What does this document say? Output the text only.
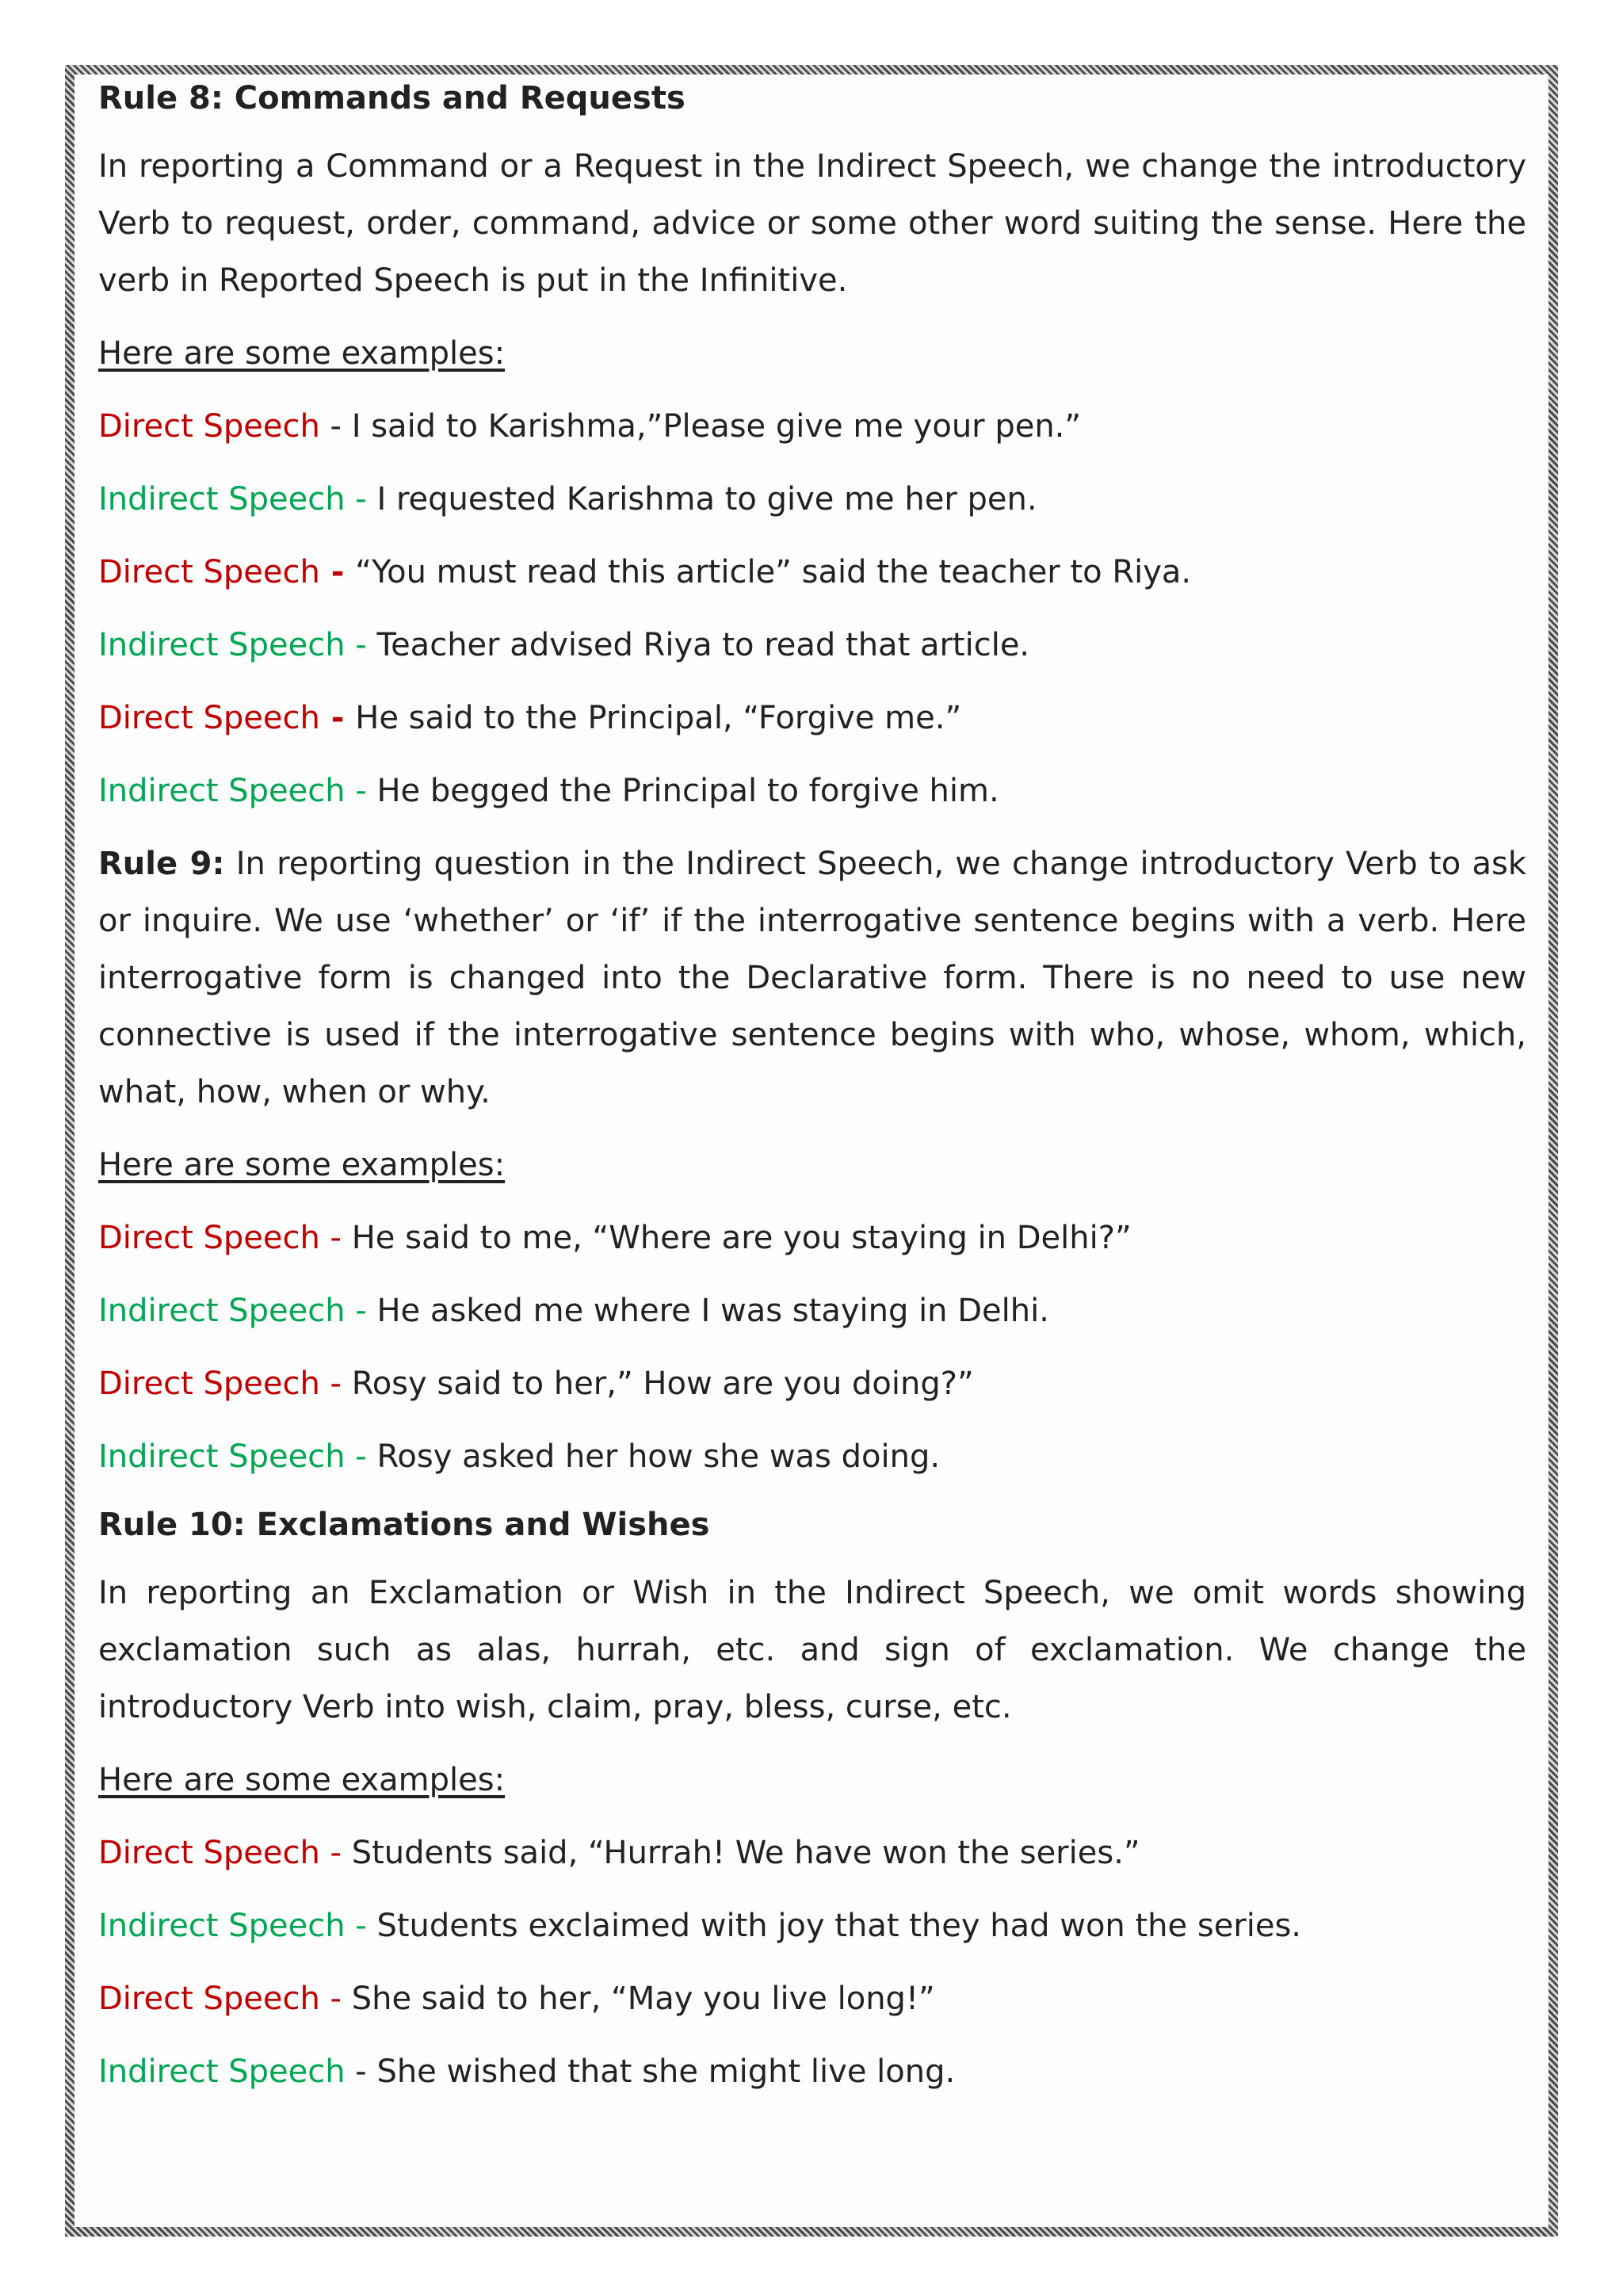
Rule 8: Commands and Requests

In reporting a Command or a Request in the Indirect Speech, we change the introductory Verb to request, order, command, advice or some other word suiting the sense. Here the verb in Reported Speech is put in the Infinitive.

Here are some examples:
Direct Speech - I said to Karishma,”Please give me your pen.”
Indirect Speech - I requested Karishma to give me her pen.
Direct Speech - “You must read this article” said the teacher to Riya.
Indirect Speech - Teacher advised Riya to read that article.
Direct Speech - He said to the Principal, “Forgive me.”
Indirect Speech - He begged the Principal to forgive him.

Rule 9: In reporting question in the Indirect Speech, we change introductory Verb to ask or inquire. We use ‘whether’ or ‘if’ if the interrogative sentence begins with a verb. Here interrogative form is changed into the Declarative form. There is no need to use new connective is used if the interrogative sentence begins with who, whose, whom, which, what, how, when or why.

Here are some examples:
Direct Speech - He said to me, “Where are you staying in Delhi?”
Indirect Speech - He asked me where I was staying in Delhi.
Direct Speech - Rosy said to her,” How are you doing?”
Indirect Speech - Rosy asked her how she was doing.
Rule 10: Exclamations and Wishes

In reporting an Exclamation or Wish in the Indirect Speech, we omit words showing exclamation such as alas, hurrah, etc. and sign of exclamation. We change the introductory Verb into wish, claim, pray, bless, curse, etc.

Here are some examples:
Direct Speech - Students said, “Hurrah! We have won the series.”
Indirect Speech - Students exclaimed with joy that they had won the series.
Direct Speech - She said to her, “May you live long!”
Indirect Speech - She wished that she might live long.
